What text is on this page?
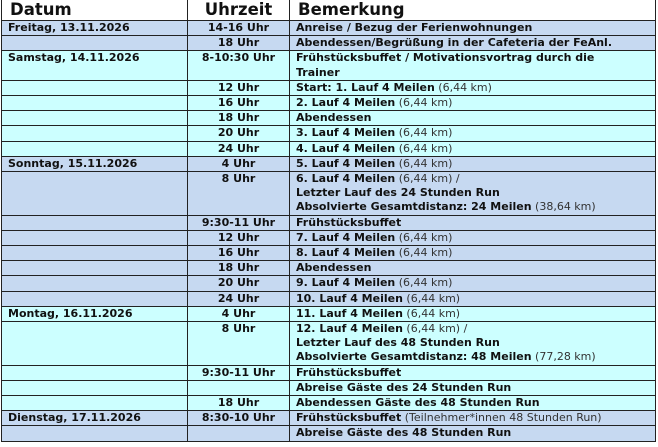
Datum	Uhrzeit	Bemerkung
Freitag, 13.11.2026	14-16 Uhr	Anreise / Bezug der Ferienwohnungen

	18 Uhr	Abendessen/Begrüßung in der Cafeteria der FeAnl.

Samstag, 14.11.2026	8-10:30 Uhr	Frühstücksbuffet / Motivationsvortrag durch die
Trainer

	12 Uhr	Start: 1. Lauf 4 Meilen (6,44 km)

	16 Uhr	2. Lauf 4 Meilen (6,44 km)

	18 Uhr	Abendessen

	20 Uhr	3. Lauf 4 Meilen (6,44 km)

	24 Uhr	4. Lauf 4 Meilen (6,44 km)

Sonntag, 15.11.2026	4 Uhr	5. Lauf 4 Meilen (6,44 km)

	8 Uhr	6. Lauf 4 Meilen (6,44 km) /
Letzter Lauf des 24 Stunden Run
Absolvierte Gesamtdistanz: 24 Meilen (38,64 km)

	9:30-11 Uhr	Frühstücksbuffet

	12 Uhr	7. Lauf 4 Meilen (6,44 km)

	16 Uhr	8. Lauf 4 Meilen (6,44 km)

	18 Uhr	Abendessen

	20 Uhr	9. Lauf 4 Meilen (6,44 km)

	24 Uhr	10. Lauf 4 Meilen (6,44 km)

Montag, 16.11.2026	4 Uhr	11. Lauf 4 Meilen (6,44 km)

	8 Uhr	12. Lauf 4 Meilen (6,44 km) /
Letzter Lauf des 48 Stunden Run
Absolvierte Gesamtdistanz: 48 Meilen (77,28 km)

	9:30-11 Uhr	Frühstücksbuffet

		Abreise Gäste des 24 Stunden Run

	18 Uhr	Abendessen Gäste des 48 Stunden Run

Dienstag, 17.11.2026	8:30-10 Uhr	Frühstücksbuffet (Teilnehmer*innen 48 Stunden Run)

		Abreise Gäste des 48 Stunden Run
